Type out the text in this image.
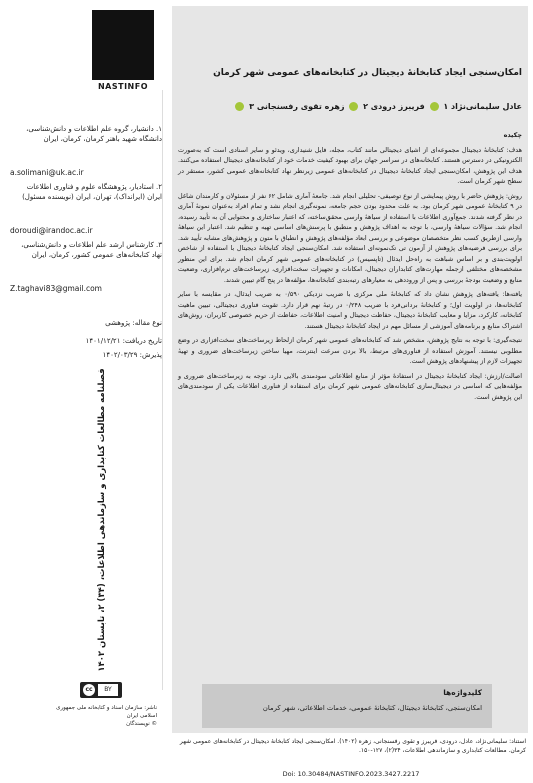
NASTINFO
۱. دانشیار، گروه علم اطلاعات و دانش‌شناسی، دانشگاه شهید باهنر کرمان، کرمان، ایران
a.solimani@uk.ac.ir
۲. استادیار، پژوهشگاه علوم و فناوری اطلاعات ایران (ایرانداک)، تهران، ایران (نویسنده مسئول)
doroudi@irandoc.ac.ir
۳. کارشناس ارشد علم اطلاعات و دانش‌شناسی، نهاد کتابخانه‌های عمومی کشور، کرمان، ایران
Z.taghavi83@gmail.com
نوع مقاله: پژوهشی
تاریخ دریافت: ۱۴۰۱/۱۲/۲۱
پذیرش: ۱۴۰۲/۰۳/۲۹
فصلنامه مطالعات کتابداری و سازماندهی اطلاعات، (۳۴) ۲، تابستان ۱۴۰۲
cc	BY
ناشر: سازمان اسناد و کتابخانه ملی جمهوری اسلامی ایران
© نویسندگان
امکان‌سنجی ایجاد کتابخانهٔ دیجیتال در کتابخانه‌های عمومی شهر کرمان
عادل سلیمانی‌نژاد ۱  فریبرز درودی ۲  زهره تقوی رفسنجانی ۳

چکیده

هدف: کتابخانهٔ دیجیتال مجموعه‌ای از اشیای دیجیتالی مانند کتاب، مجله، فایل شنیداری، ویدئو و سایر اسنادی است که به‌صورت الکترونیکی در دسترس هستند. کتابخانه‌های در سراسر جهان برای بهبود کیفیت خدمات خود از کتابخانه‌های دیجیتال استفاده می‌کنند. هدف این پژوهش، امکان‌سنجی ایجاد کتابخانهٔ دیجیتال در کتابخانه‌های عمومی زیرنظر نهاد کتابخانه‌های عمومی کشور، مستقر در سطح شهر کرمان است.

روش: پژوهش حاضر با روش پیمایشی از نوع توصیفی- تحلیلی انجام شد. جامعهٔ آماری شامل ۶۲ نفر از مسئولان و کارمندان شاغل در ۹ کتابخانهٔ عمومی شهر کرمان بود. به علت محدود بودن حجم جامعه، نمونه‌گیری انجام نشد و تمام افراد به‌عنوان نمونهٔ آماری در نظر گرفته شدند. جمع‌آوری اطلاعات با استفاده از سیاههٔ وارسی محقق‌ساخته، که اعتبار ساختاری و محتوایی آن به تأیید رسیده، انجام شد. سؤالات سیاههٔ وارسی، با توجه به اهداف پژوهش و منطبق با پرسش‌های اساسی تهیه و تنظیم شد. اعتبار این سیاههٔ وارسی ازطریق کسب نظر متخصصان موضوعی و بررسی ابعاد مؤلفه‌های پژوهش و انطباق با متون و پژوهش‌های مشابه تأیید شد. برای بررسی فرضیه‌های پژوهش از آزمون تی تک‌نمونه‌ای استفاده شد. امکان‌سنجی ایجاد کتابخانهٔ دیجیتال با استفاده از شاخص اولویت‌بندی و بر اساس شباهت به راه‌حل ایدئال (تاپسیس) در کتابخانه‌های عمومی شهر کرمان انجام شد. برای این منظور مشخصه‌های مختلفی ازجمله مهارت‌های کتابداران دیجیتال، امکانات و تجهیزات سخت‌افزاری، زیرساخت‌های نرم‌افزاری، وضعیت منابع و وضعیت بودجهٔ بررسی و پس از ورود‌دهی به معیارهای رتبه‌بندی کتابخانه‌ها، مؤلفه‌ها در پنج گام تبیین شدند.

یافته‌ها: یافته‌های پژوهش نشان داد که کتابخانهٔ ملی مرکزی با ضریب نزدیکی ۰/۵۹۰ به ضریب ایدئال، در مقایسه با سایر کتابخانه‌ها، در اولویت اول؛ و کتابخانهٔ بردانی‌فرد با ضریب ۰/۲۴۸ در رتبهٔ نهم قرار دارد. تقویت فناوری دیجیتالی، تبیین ماهیت کتابخانه، کارکرد، مزایا و معایب کتابخانهٔ دیجیتال، حفاظت دیجیتال و امنیت اطلاعات، حفاظت از حریم خصوصی کاربران، روش‌های اشتراک منابع و برنامه‌های آموزشی از مسائل مهم در ایجاد کتابخانهٔ دیجیتال هستند.

نتیجه‌گیری: با توجه به نتایج پژوهش، مشخص شد که کتابخانه‌های عمومی شهر کرمان ازلحاظ زیرساخت‌های سخت‌افزاری در وضع مطلوبی نیستند. آموزش استفاده از فناوری‌های مرتبط، بالا بردن سرعت اینترنت، مهیا ساختن زیرساخت‌های ضروری و تهیهٔ تجهیزات لازم از پیشنهادهای پژوهش است.

اصالت/ارزش: ایجاد کتابخانهٔ دیجیتال در استفادهٔ مؤثر از منابع اطلاعاتی سودمندی بالایی دارد. توجه به زیرساخت‌های ضروری و مؤلفه‌هایی که اساسی در دیجیتال‌سازی کتابخانه‌های عمومی شهر کرمان برای استفاده از فناوری اطلاعات یکی از سودمندی‌های این پژوهش است.

کلیدواژه‌ها
امکان‌سنجی، کتابخانهٔ دیجیتال، کتابخانهٔ عمومی، خدمات اطلاعاتی، شهر کرمان
استناد: سلیمانی‌نژاد، عادل، درودی، فریبرز و تقوی رفسنجانی، زهره (۱۴۰۲). امکان‌سنجی ایجاد کتابخانهٔ دیجیتال در کتابخانه‌های عمومی شهر کرمان. مطالعات کتابداری و سازماندهی اطلاعات، ۳۴(۲)، ۱۲۷-۱۵۰.
Doi: 10.30484/NASTINFO.2023.3427.2217
